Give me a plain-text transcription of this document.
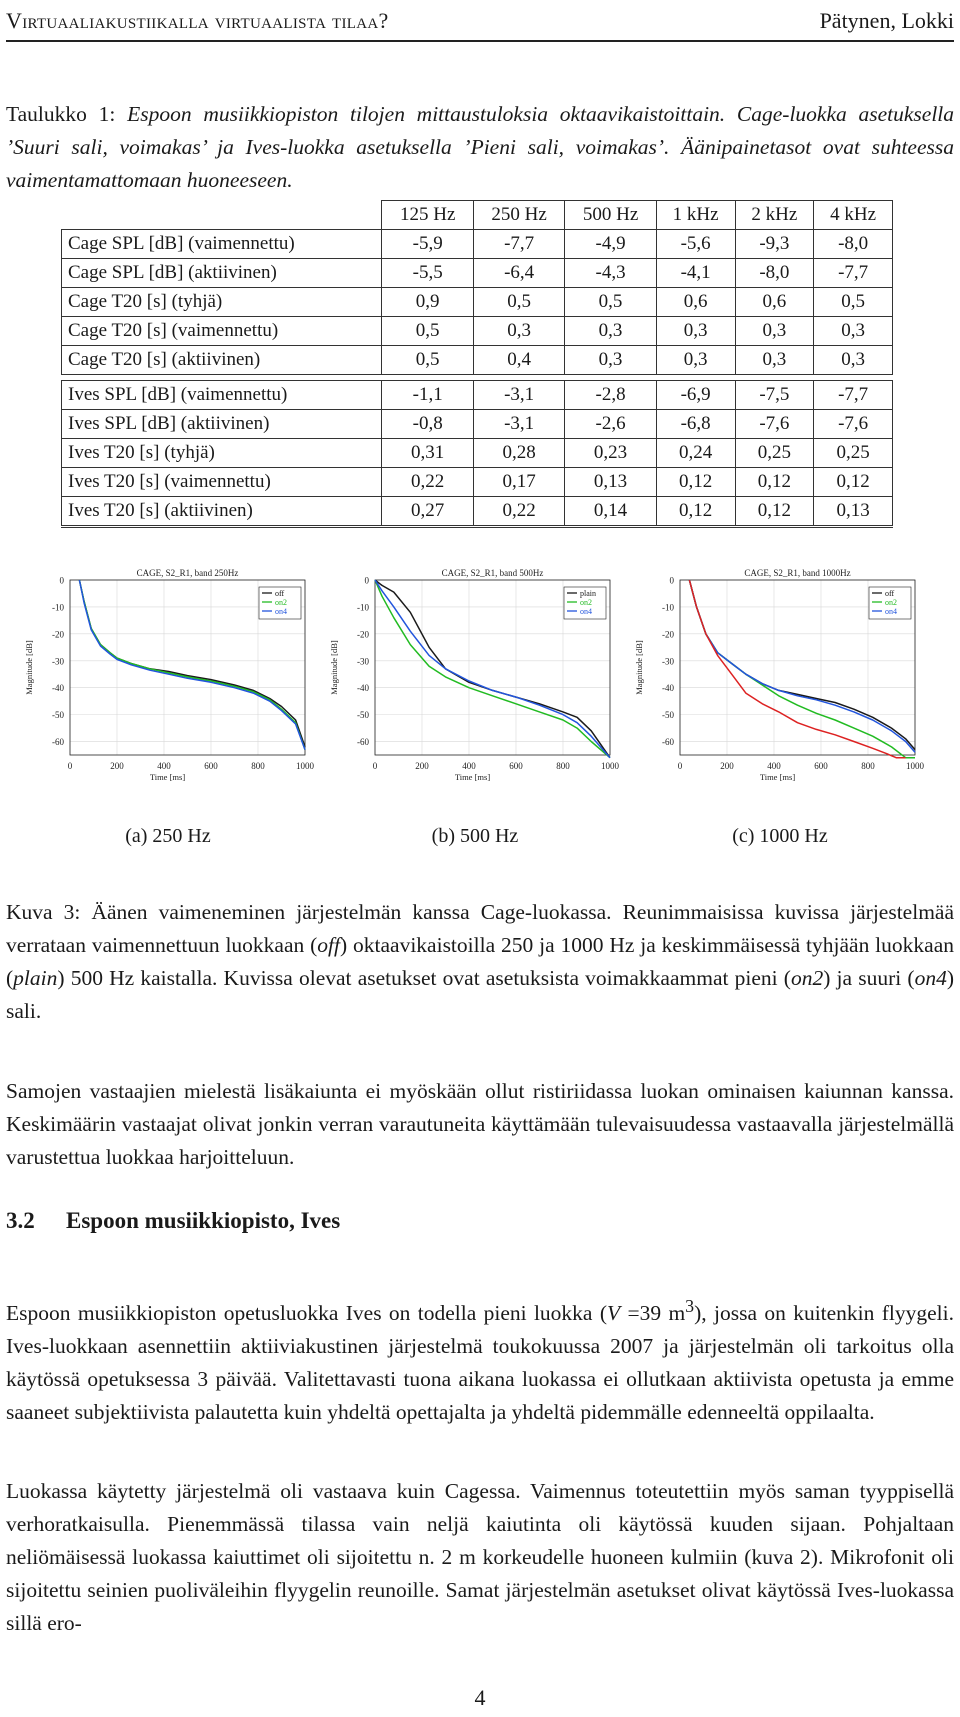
Virtuaaliakustiikalla virtuaalista tilaa?	Pätynen, Lokki
Taulukko 1: Espoon musiikkiopiston tilojen mittaustuloksia oktaavikaistoittain. Cage-luokka asetuksella ’Suuri sali, voimakas’ ja Ives-luokka asetuksella ’Pieni sali, voimakas’. Äänipainetasot ovat suhteessa vaimentamattomaan huoneeseen.
	125 Hz	250 Hz	500 Hz	1 kHz	2 kHz	4 kHz
Cage SPL [dB] (vaimennettu)	-5,9	-7,7	-4,9	-5,6	-9,3	-8,0
Cage SPL [dB] (aktiivinen)	-5,5	-6,4	-4,3	-4,1	-8,0	-7,7
Cage T20 [s] (tyhjä)	0,9	0,5	0,5	0,6	0,6	0,5
Cage T20 [s] (vaimennettu)	0,5	0,3	0,3	0,3	0,3	0,3
Cage T20 [s] (aktiivinen)	0,5	0,4	0,3	0,3	0,3	0,3

Ives SPL [dB] (vaimennettu)	-1,1	-3,1	-2,8	-6,9	-7,5	-7,7
Ives SPL [dB] (aktiivinen)	-0,8	-3,1	-2,6	-6,8	-7,6	-7,6
Ives T20 [s] (tyhjä)	0,31	0,28	0,23	0,24	0,25	0,25
Ives T20 [s] (vaimennettu)	0,22	0,17	0,13	0,12	0,12	0,12
Ives T20 [s] (aktiivinen)	0,27	0,22	0,14	0,12	0,12	0,13
0
-10
-20
-30
-40
-50
-60
0	200	400	600	800	1000
CAGE, S2_R1, band 250Hz
Time [ms]
Magnitude [dB]
off
on2
on4
0
-10
-20
-30
-40
-50
-60
0	200	400	600	800	1000
CAGE, S2_R1, band 500Hz
Time [ms]
Magnitude [dB]
plain
on2
on4
0
-10
-20
-30
-40
-50
-60
0	200	400	600	800	1000
CAGE, S2_R1, band 1000Hz
Time [ms]
Magnitude [dB]
off
on2
on4
(a) 250 Hz	(b) 500 Hz	(c) 1000 Hz
Kuva 3: Äänen vaimeneminen järjestelmän kanssa Cage-luokassa. Reunimmaisissa kuvissa järjestelmää verrataan vaimennettuun luokkaan (off) oktaavikaistoilla 250 ja 1000 Hz ja keskimmäisessä tyhjään luokkaan (plain) 500 Hz kaistalla. Kuvissa olevat asetukset ovat asetuksista voimakkaammat pieni (on2) ja suuri (on4) sali.
Samojen vastaajien mielestä lisäkaiunta ei myöskään ollut ristiriidassa luokan ominaisen kaiunnan kanssa. Keskimäärin vastaajat olivat jonkin verran varautuneita käyttämään tulevaisuudessa vastaavalla järjestelmällä varustettua luokkaa harjoitteluun.
3.2 Espoon musiikkiopisto, Ives
Espoon musiikkiopiston opetusluokka Ives on todella pieni luokka (V =39 $m^3$), jossa on kuitenkin flyygeli. Ives-luokkaan asennettiin aktiiviakustinen järjestelmä toukokuussa 2007 ja järjestelmän oli tarkoitus olla käytössä opetuksessa 3 päivää. Valitettavasti tuona aikana luokassa ei ollutkaan aktiivista opetusta ja emme saaneet subjektiivista palautetta kuin yhdeltä opettajalta ja yhdeltä pidemmälle edenneeltä oppilaalta.
Luokassa käytetty järjestelmä oli vastaava kuin Cagessa. Vaimennus toteutettiin myös saman tyyppisellä verhoratkaisulla. Pienemmässä tilassa vain neljä kaiutinta oli käytössä kuuden sijaan. Pohjaltaan neliömäisessä luokassa kaiuttimet oli sijoitettu n. 2 m korkeudelle huoneen kulmiin (kuva 2). Mikrofonit oli sijoitettu seinien puoliväleihin flyygelin reunoille. Samat järjestelmän asetukset olivat käytössä Ives-luokassa sillä ero-
4
